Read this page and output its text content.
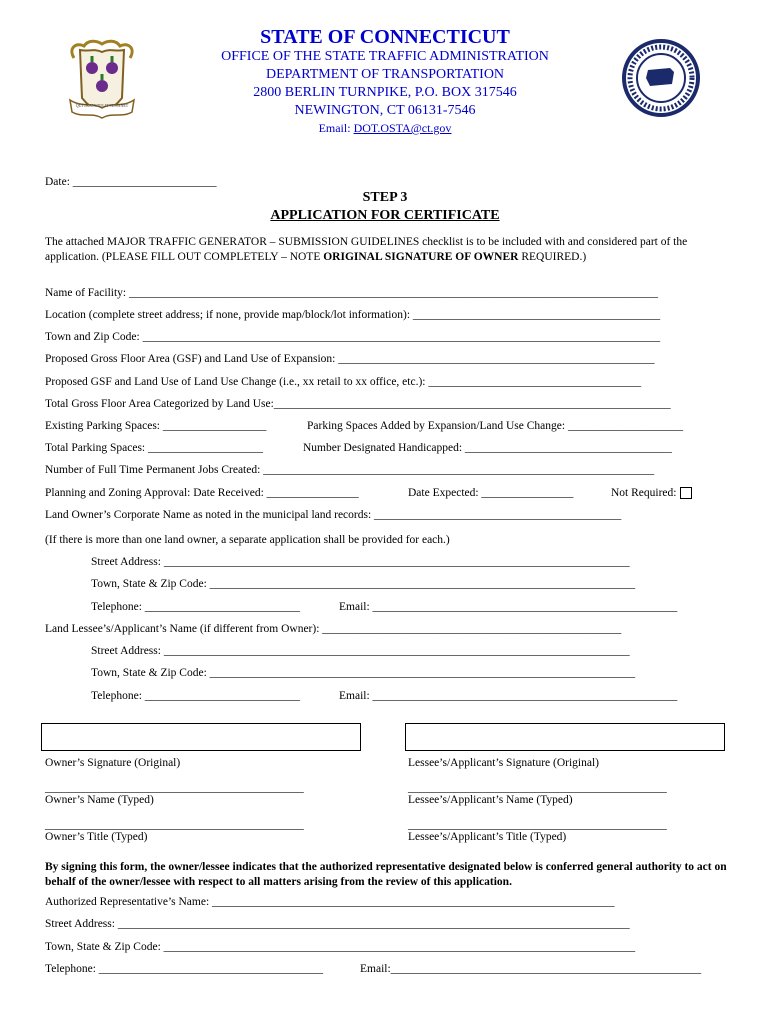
QUI TRANSTULIT SUSTINET
STATE OF CONNECTICUT
OFFICE OF THE STATE TRAFFIC ADMINISTRATION
DEPARTMENT OF TRANSPORTATION
2800 BERLIN TURNPIKE, P.O. BOX 317546
NEWINGTON, CT 06131-7546
Email: DOT.OSTA@ct.gov
Date: _________________________
STEP 3
APPLICATION FOR CERTIFICATE
The attached MAJOR TRAFFIC GENERATOR – SUBMISSION GUIDELINES checklist is to be included with and considered part of the application. (PLEASE FILL OUT COMPLETELY – NOTE ORIGINAL SIGNATURE OF OWNER REQUIRED.)
Name of Facility: ____________________________________________________________________________________________
Location (complete street address; if none, provide map/block/lot information): ___________________________________________
Town and Zip Code: __________________________________________________________________________________________
Proposed Gross Floor Area (GSF) and Land Use of Expansion: _______________________________________________________
Proposed GSF and Land Use of Land Use Change (i.e., xx retail to xx office, etc.): _____________________________________
Total Gross Floor Area Categorized by Land Use:_____________________________________________________________________
Existing Parking Spaces: __________________	Parking Spaces Added by Expansion/Land Use Change: ____________________
Total Parking Spaces: ____________________	Number Designated Handicapped: ____________________________________
Number of Full Time Permanent Jobs Created: ____________________________________________________________________
Planning and Zoning Approval: Date Received: ________________	Date Expected: ________________	Not Required:
Land Owner’s Corporate Name as noted in the municipal land records: ___________________________________________
(If there is more than one land owner, a separate application shall be provided for each.)
Street Address: _________________________________________________________________________________
Town, State & Zip Code: __________________________________________________________________________
Telephone: ___________________________	Email: _____________________________________________________
Land Lessee’s/Applicant’s Name (if different from Owner): ____________________________________________________
Street Address: _________________________________________________________________________________
Town, State & Zip Code: __________________________________________________________________________
Telephone: ___________________________	Email: _____________________________________________________
Owner’s Signature (Original)	Lessee’s/Applicant’s Signature (Original)
_____________________________________________	_____________________________________________
Owner’s Name (Typed)	Lessee’s/Applicant’s Name (Typed)
_____________________________________________	_____________________________________________
Owner’s Title (Typed)	Lessee’s/Applicant’s Title (Typed)
By signing this form, the owner/lessee indicates that the authorized representative designated below is conferred general authority to act on behalf of the owner/lessee with respect to all matters arising from the review of this application.
Authorized Representative’s Name: ______________________________________________________________________
Street Address: _________________________________________________________________________________________
Town, State & Zip Code: __________________________________________________________________________________
Telephone: _______________________________________	Email:______________________________________________________
